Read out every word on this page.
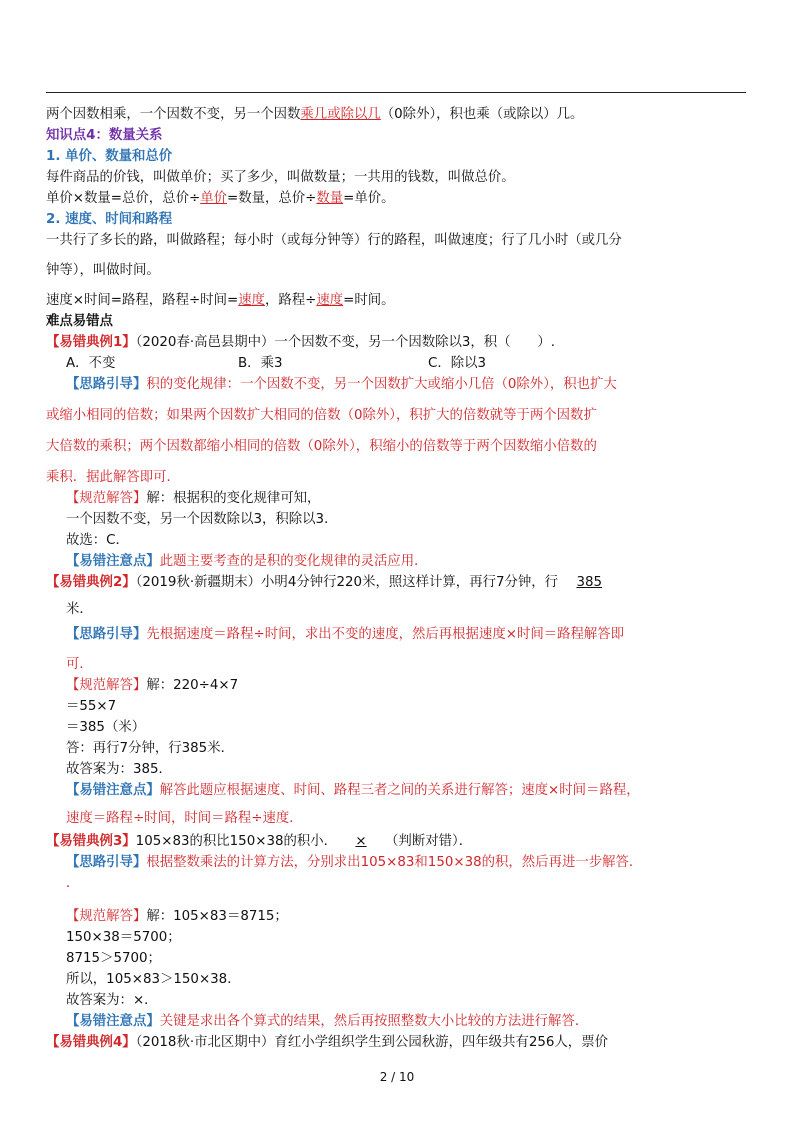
两个因数相乘，一个因数不变，另一个因数乘几或除以几（0除外），积也乘（或除以）几。
知识点4：数量关系
1. 单价、数量和总价
每件商品的价钱，叫做单价；买了多少，叫做数量；一共用的钱数，叫做总价。
单价×数量=总价，总价÷单价=数量，总价÷数量=单价。
2. 速度、时间和路程
一共行了多长的路，叫做路程；每小时（或每分钟等）行的路程，叫做速度；行了几小时（或几分
钟等），叫做时间。
速度×时间=路程，路程÷时间=速度，路程÷速度=时间。
难点易错点
【易错典例1】（2020春·高邑县期中）一个因数不变，另一个因数除以3，积（　　）.
A．不变	B．乘3	C．除以3
【思路引导】积的变化规律：一个因数不变，另一个因数扩大或缩小几倍（0除外），积也扩大
或缩小相同的倍数；如果两个因数扩大相同的倍数（0除外），积扩大的倍数就等于两个因数扩
大倍数的乘积；两个因数都缩小相同的倍数（0除外），积缩小的倍数等于两个因数缩小倍数的
乘积．据此解答即可．
【规范解答】解：根据积的变化规律可知，
一个因数不变，另一个因数除以3，积除以3．
故选：C．
【易错注意点】此题主要考查的是积的变化规律的灵活应用．
【易错典例2】（2019秋·新疆期末）小明4分钟行220米，照这样计算，再行7分钟，行 385
米．
【思路引导】先根据速度＝路程÷时间，求出不变的速度，然后再根据速度×时间＝路程解答即
可．
【规范解答】解：220÷4×7
＝55×7
＝385（米）
答：再行7分钟，行385米．
故答案为：385．
【易错注意点】解答此题应根据速度、时间、路程三者之间的关系进行解答；速度×时间＝路程，
速度＝路程÷时间，时间＝路程÷速度．
【易错典例3】105×83的积比150×38的积小． × （判断对错）．
【思路引导】根据整数乘法的计算方法，分别求出105×83和150×38的积，然后再进一步解答．
．
【规范解答】解：105×83＝8715；
150×38＝5700；
8715＞5700；
所以，105×83＞150×38．
故答案为：×．
【易错注意点】关键是求出各个算式的结果，然后再按照整数大小比较的方法进行解答．
【易错典例4】（2018秋·市北区期中）育红小学组织学生到公园秋游，四年级共有256人，票价
2 / 10
